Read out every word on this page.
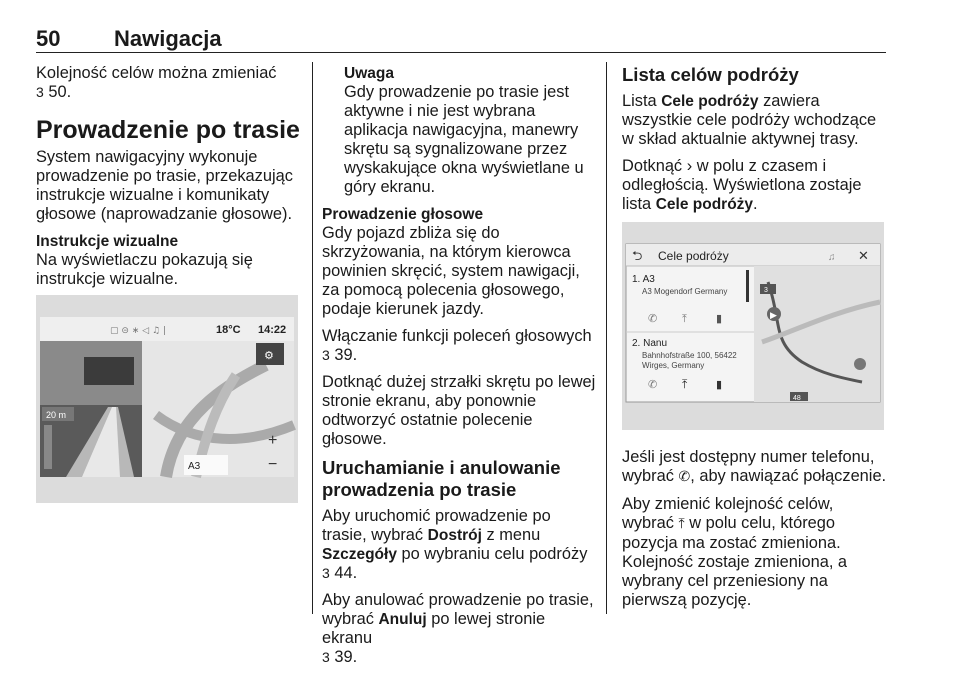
50 Nawigacja

Kolejność celów można zmieniać
3 50.

Prowadzenie po trasie

System nawigacyjny wykonuje prowadzenie po trasie, przekazując instrukcje wizualne i komunikaty głosowe (naprowadzanie głosowe).

Instrukcje wizualne
Na wyświetlaczu pokazują się instrukcje wizualne.

▢ ⊝ ∗ ◁ ♫ |	18°C 14:22
20 m
⚙
+
−
A3

Uwaga
Gdy prowadzenie po trasie jest aktywne i nie jest wybrana aplikacja nawigacyjna, manewry skrętu są sygnalizowane przez wyskakujące okna wyświetlane u góry ekranu.

Prowadzenie głosowe
Gdy pojazd zbliża się do skrzyżowania, na którym kierowca powinien skręcić, system nawigacji, za pomocą polecenia głosowego, podaje kierunek jazdy.

Włączanie funkcji poleceń głosowych
3 39.

Dotknąć dużej strzałki skrętu po lewej stronie ekranu, aby ponownie odtworzyć ostatnie polecenie głosowe.

Uruchamianie i anulowanie prowadzenia po trasie

Aby uruchomić prowadzenie po trasie, wybrać Dostrój z menu Szczegóły po wybraniu celu podróży
3 44.

Aby anulować prowadzenie po trasie, wybrać Anuluj po lewej stronie ekranu
3 39.

Lista celów podróży

Lista Cele podróży zawiera wszystkie cele podróży wchodzące w skład aktualnie aktywnej trasy.

Dotknąć › w polu z czasem i odległością. Wyświetlona zostaje lista Cele podróży.

⮌ Cele podróży	♫ ✕
1. A3
A3 Mogendorf Germany
✆ ⤒	▮
2. Nanu
Bahnhofstraße 100, 56422
Wirges, Germany
✆ ⤒	▮
▶
3
48

Jeśli jest dostępny numer telefonu, wybrać ✆, aby nawiązać połączenie.

Aby zmienić kolejność celów, wybrać ⤒ w polu celu, którego pozycja ma zostać zmieniona. Kolejność zostaje zmieniona, a wybrany cel przeniesiony na pierwszą pozycję.
